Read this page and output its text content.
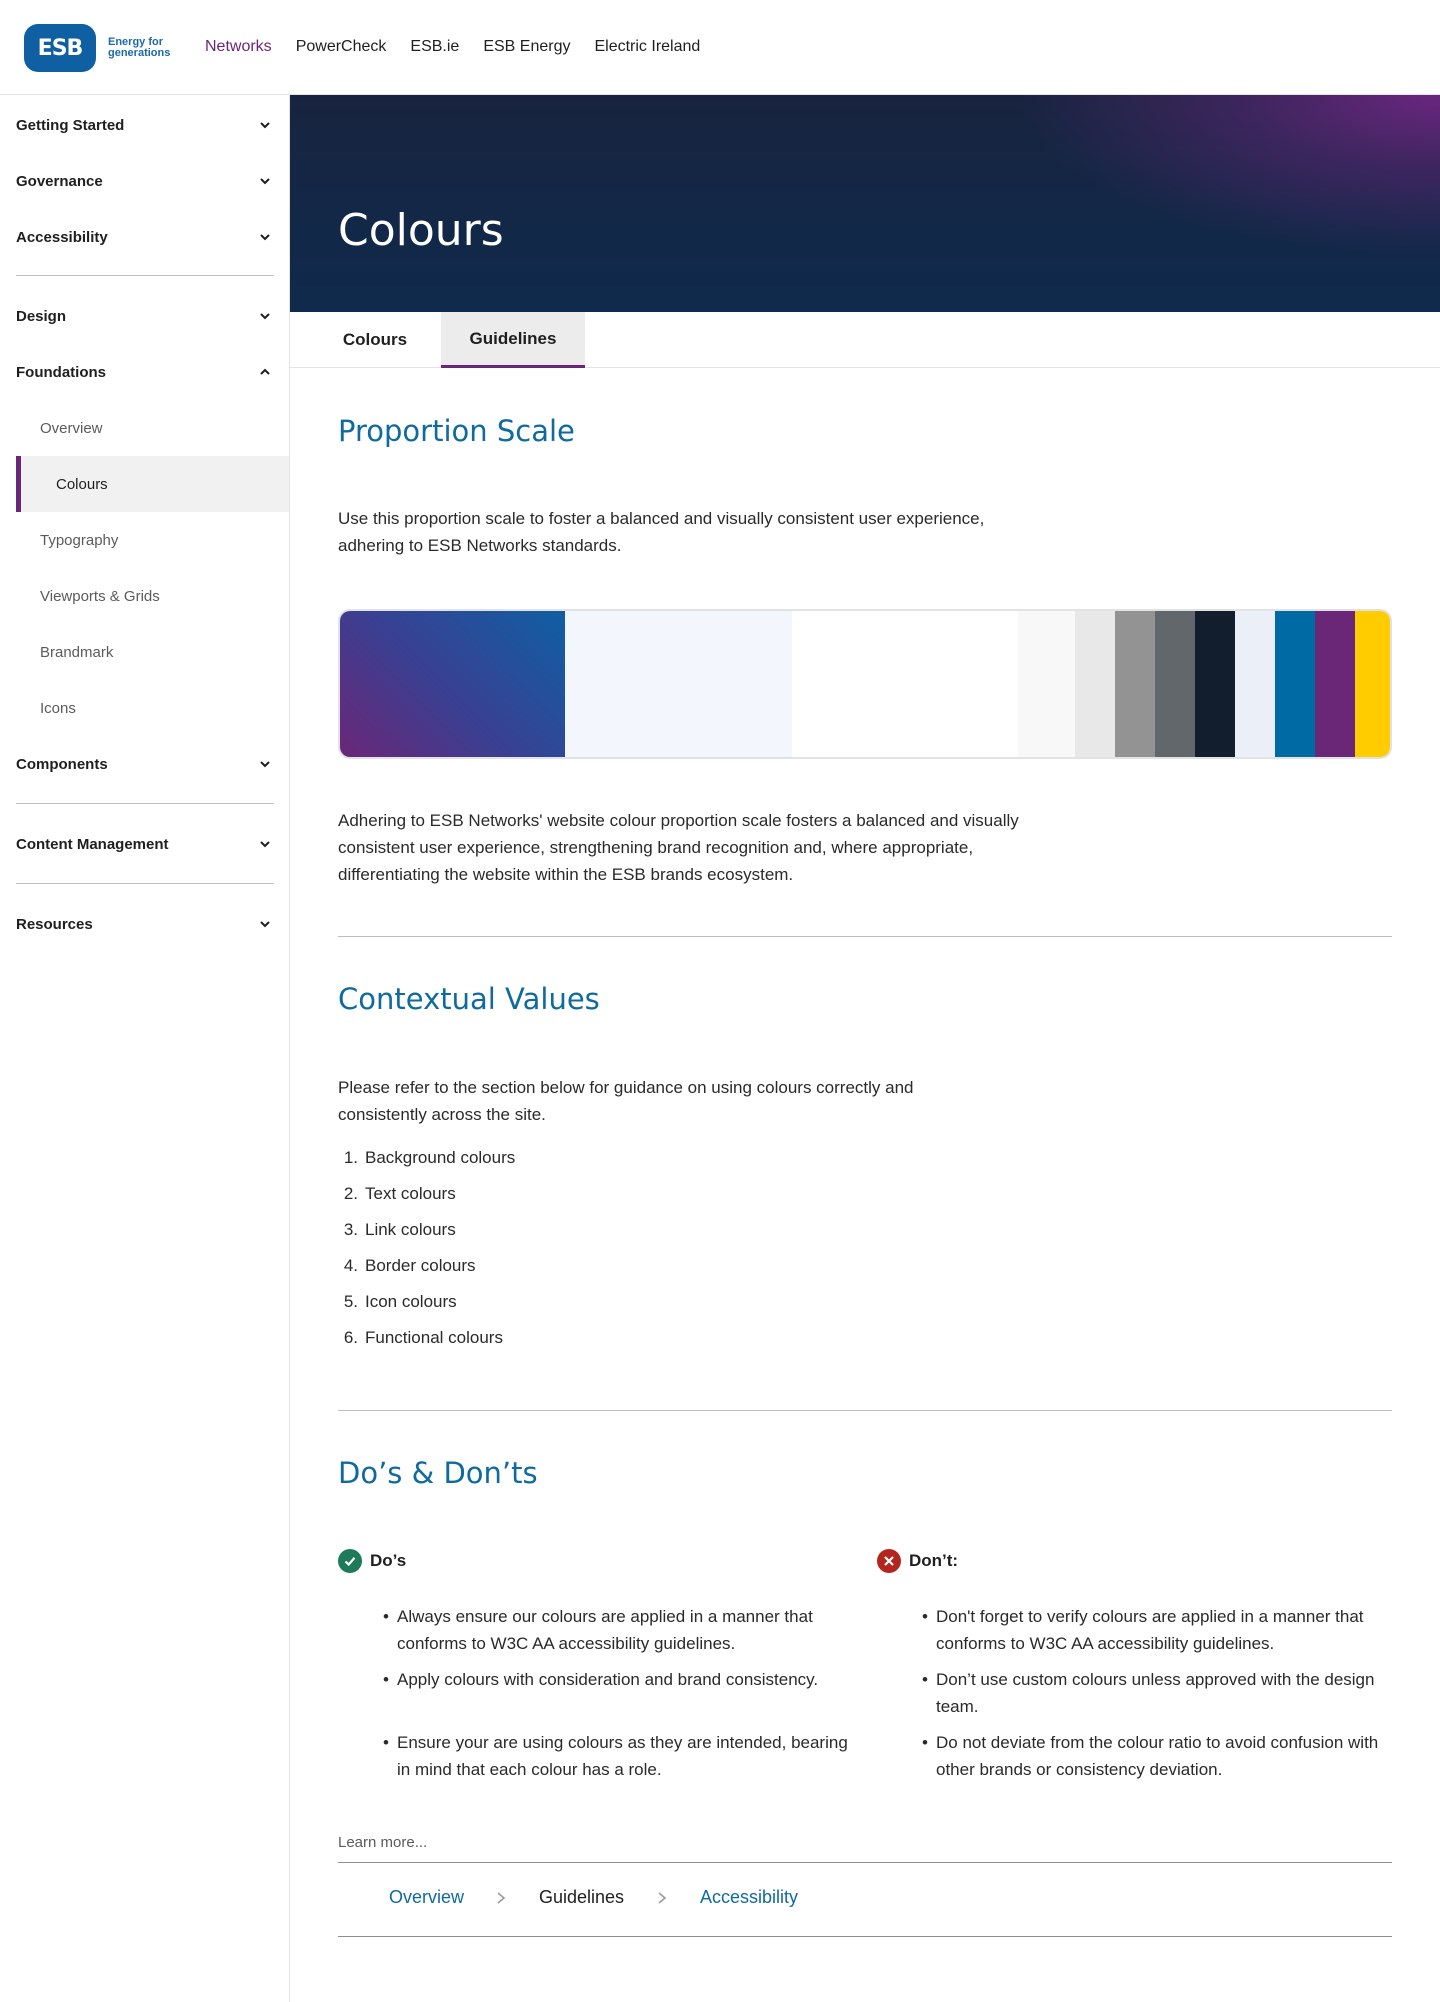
ESB	Energy for generations	Networks PowerCheck ESB.ie ESB Energy Electric Ireland
Getting Started
Governance
Accessibility
Design
Foundations
Overview
Colours
Typography
Viewports & Grids
Brandmark
Icons
Components
Content Management
Resources
Colours
Colours	Guidelines
Proportion Scale

Use this proportion scale to foster a balanced and visually consistent user experience, adhering to ESB Networks standards.

Adhering to ESB Networks' website colour proportion scale fosters a balanced and visually consistent user experience, strengthening brand recognition and, where appropriate, differentiating the website within the ESB brands ecosystem.

Contextual Values

Please refer to the section below for guidance on using colours correctly and consistently across the site.

1. Background colours
2. Text colours
3. Link colours
4. Border colours
5. Icon colours
6. Functional colours
Do’s & Don’ts
Do’s
• Always ensure our colours are applied in a manner that conforms to W3C AA accessibility guidelines.
• Apply colours with consideration and brand consistency.
• Ensure your are using colours as they are intended, bearing in mind that each colour has a role.
Don’t:
• Don't forget to verify colours are applied in a manner that conforms to W3C AA accessibility guidelines.
• Don’t use custom colours unless approved with the design team.
• Do not deviate from the colour ratio to avoid confusion with other brands or consistency deviation.
Learn more...
Overview	Guidelines	Accessibility
